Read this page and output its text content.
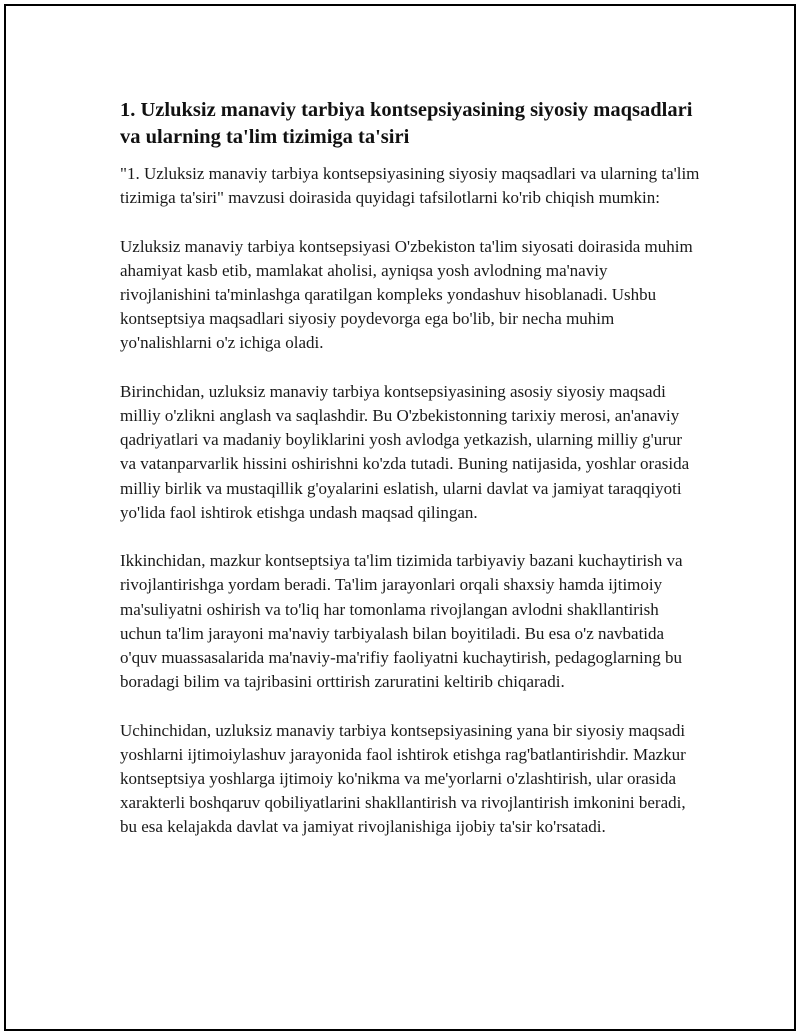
1. Uzluksiz manaviy tarbiya kontsepsiyasining siyosiy maqsadlari va ularning ta'lim tizimiga ta'siri

"1. Uzluksiz manaviy tarbiya kontsepsiyasining siyosiy maqsadlari va ularning ta'lim tizimiga ta'siri" mavzusi doirasida quyidagi tafsilotlarni ko'rib chiqish mumkin:

Uzluksiz manaviy tarbiya kontsepsiyasi O'zbekiston ta'lim siyosati doirasida muhim ahamiyat kasb etib, mamlakat aholisi, ayniqsa yosh avlodning ma'naviy rivojlanishini ta'minlashga qaratilgan kompleks yondashuv hisoblanadi. Ushbu kontseptsiya maqsadlari siyosiy poydevorga ega bo'lib, bir necha muhim yo'nalishlarni o'z ichiga oladi.

Birinchidan, uzluksiz manaviy tarbiya kontsepsiyasining asosiy siyosiy maqsadi milliy o'zlikni anglash va saqlashdir. Bu O'zbekistonning tarixiy merosi, an'anaviy qadriyatlari va madaniy boyliklarini yosh avlodga yetkazish, ularning milliy g'urur va vatanparvarlik hissini oshirishni ko'zda tutadi. Buning natijasida, yoshlar orasida milliy birlik va mustaqillik g'oyalarini eslatish, ularni davlat va jamiyat taraqqiyoti yo'lida faol ishtirok etishga undash maqsad qilingan.

Ikkinchidan, mazkur kontseptsiya ta'lim tizimida tarbiyaviy bazani kuchaytirish va rivojlantirishga yordam beradi. Ta'lim jarayonlari orqali shaxsiy hamda ijtimoiy ma'suliyatni oshirish va to'liq har tomonlama rivojlangan avlodni shakllantirish uchun ta'lim jarayoni ma'naviy tarbiyalash bilan boyitiladi. Bu esa o'z navbatida o'quv muassasalarida ma'naviy-ma'rifiy faoliyatni kuchaytirish, pedagoglarning bu boradagi bilim va tajribasini orttirish zaruratini keltirib chiqaradi.

Uchinchidan, uzluksiz manaviy tarbiya kontsepsiyasining yana bir siyosiy maqsadi yoshlarni ijtimoiylashuv jarayonida faol ishtirok etishga rag'batlantirishdir. Mazkur kontseptsiya yoshlarga ijtimoiy ko'nikma va me'yorlarni o'zlashtirish, ular orasida xarakterli boshqaruv qobiliyatlarini shakllantirish va rivojlantirish imkonini beradi, bu esa kelajakda davlat va jamiyat rivojlanishiga ijobiy ta'sir ko'rsatadi.
